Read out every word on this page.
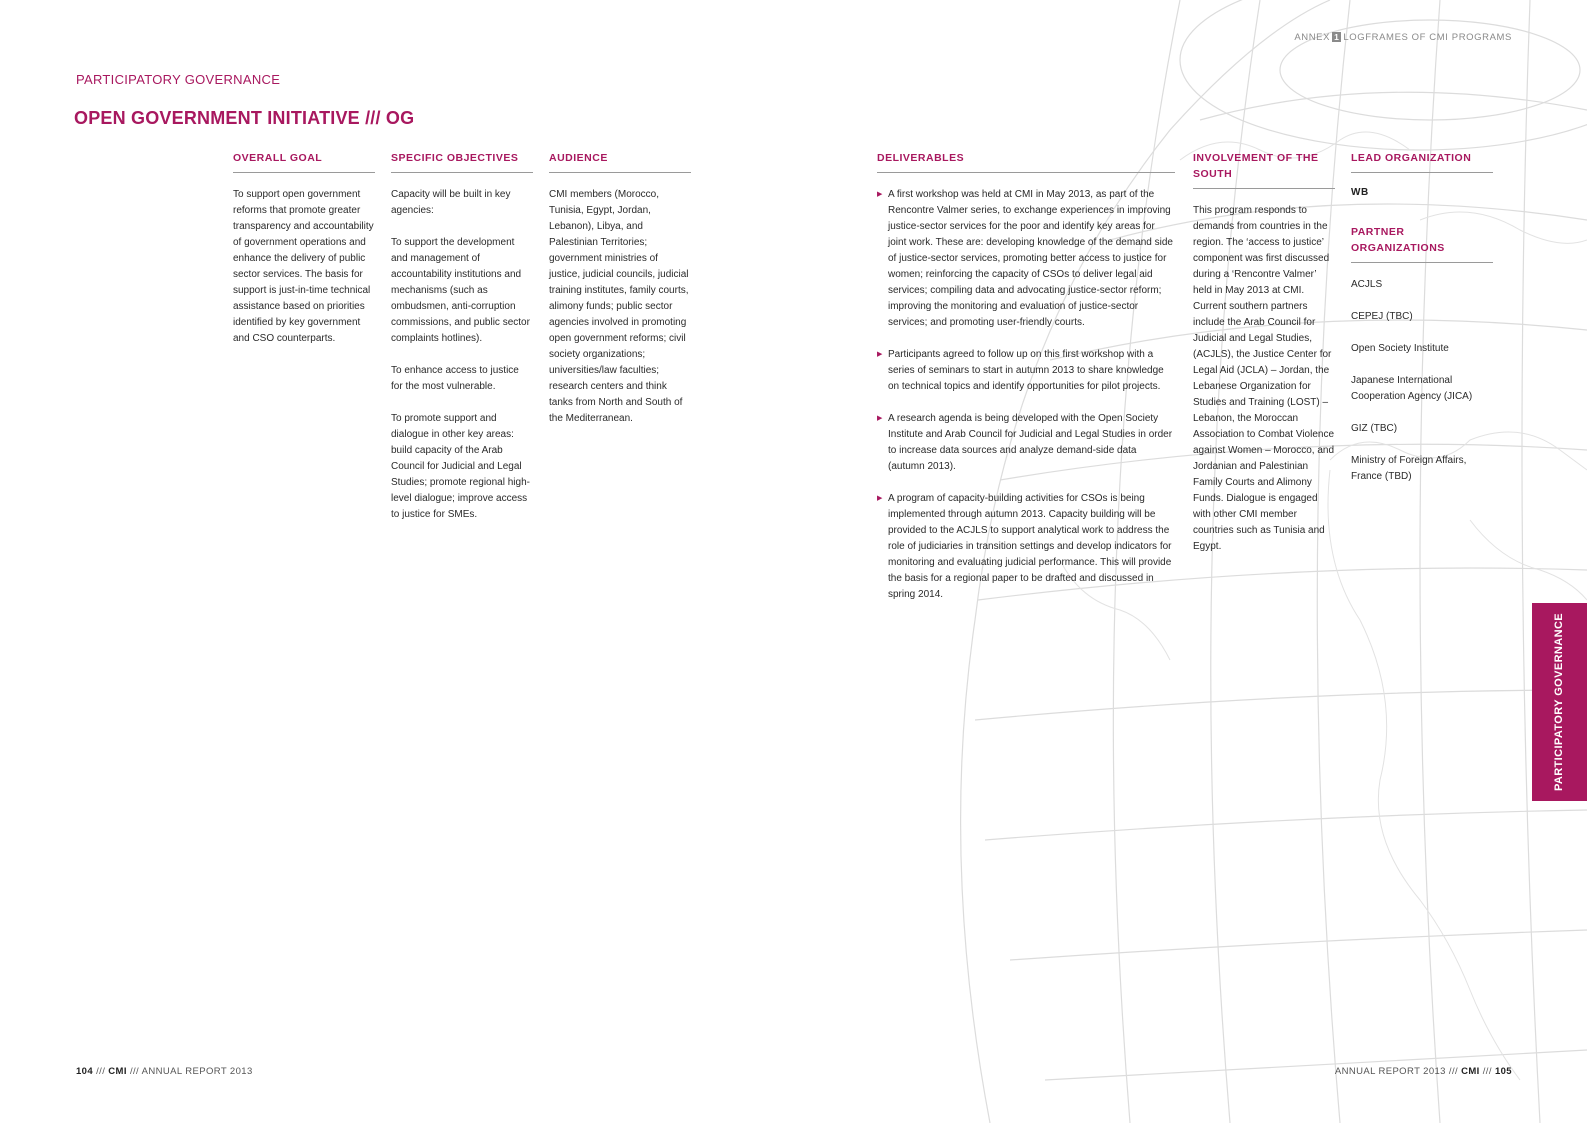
ANNEX 1 LOGFRAMES OF CMI PROGRAMS
PARTICIPATORY GOVERNANCE
OPEN GOVERNMENT INITIATIVE /// OG
OVERALL GOAL

To support open government reforms that promote greater transparency and accountability of government operations and enhance the delivery of public sector services. The basis for support is just-in-time technical assistance based on priorities identified by key government and CSO counterparts.

SPECIFIC OBJECTIVES

Capacity will be built in key agencies:

To support the development and management of accountability institutions and mechanisms (such as ombudsmen, anti-corruption commissions, and public sector complaints hotlines).

To enhance access to justice for the most vulnerable.

To promote support and dialogue in other key areas: build capacity of the Arab Council for Judicial and Legal Studies; promote regional high-level dialogue; improve access to justice for SMEs.

AUDIENCE

CMI members (Morocco, Tunisia, Egypt, Jordan, Lebanon), Libya, and Palestinian Territories; government ministries of justice, judicial councils, judicial training institutes, family courts, alimony funds; public sector agencies involved in promoting open government reforms; civil society organizations; universities/law faculties; research centers and think tanks from North and South of the Mediterranean.

DELIVERABLES
▶ A first workshop was held at CMI in May 2013, as part of the Rencontre Valmer series, to exchange experiences in improving justice-sector services for the poor and identify key areas for joint work. These are: developing knowledge of the demand side of justice-sector services, promoting better access to justice for women; reinforcing the capacity of CSOs to deliver legal aid services; compiling data and advocating justice-sector reform; improving the monitoring and evaluation of justice-sector services; and promoting user-friendly courts.
▶ Participants agreed to follow up on this first workshop with a series of seminars to start in autumn 2013 to share knowledge on technical topics and identify opportunities for pilot projects.
▶ A research agenda is being developed with the Open Society Institute and Arab Council for Judicial and Legal Studies in order to increase data sources and analyze demand-side data (autumn 2013).
▶ A program of capacity-building activities for CSOs is being implemented through autumn 2013. Capacity building will be provided to the ACJLS to support analytical work to address the role of judiciaries in transition settings and develop indicators for monitoring and evaluating judicial performance. This will provide the basis for a regional paper to be drafted and discussed in spring 2014.
INVOLVEMENT OF THE SOUTH

This program responds to demands from countries in the region. The ‘access to justice’ component was first discussed during a ‘Rencontre Valmer’ held in May 2013 at CMI. Current southern partners include the Arab Council for Judicial and Legal Studies, (ACJLS), the Justice Center for Legal Aid (JCLA) – Jordan, the Lebanese Organization for Studies and Training (LOST) – Lebanon, the Moroccan Association to Combat Violence against Women – Morocco, and Jordanian and Palestinian Family Courts and Alimony Funds. Dialogue is engaged with other CMI member countries such as Tunisia and Egypt.

LEAD ORGANIZATION
WB
PARTNER ORGANIZATIONS

ACJLS

CEPEJ (TBC)

Open Society Institute

Japanese International Cooperation Agency (JICA)

GIZ (TBC)

Ministry of Foreign Affairs, France (TBD)

PARTICIPATORY GOVERNANCE
104 /// CMI /// ANNUAL REPORT 2013	ANNUAL REPORT 2013 /// CMI /// 105
